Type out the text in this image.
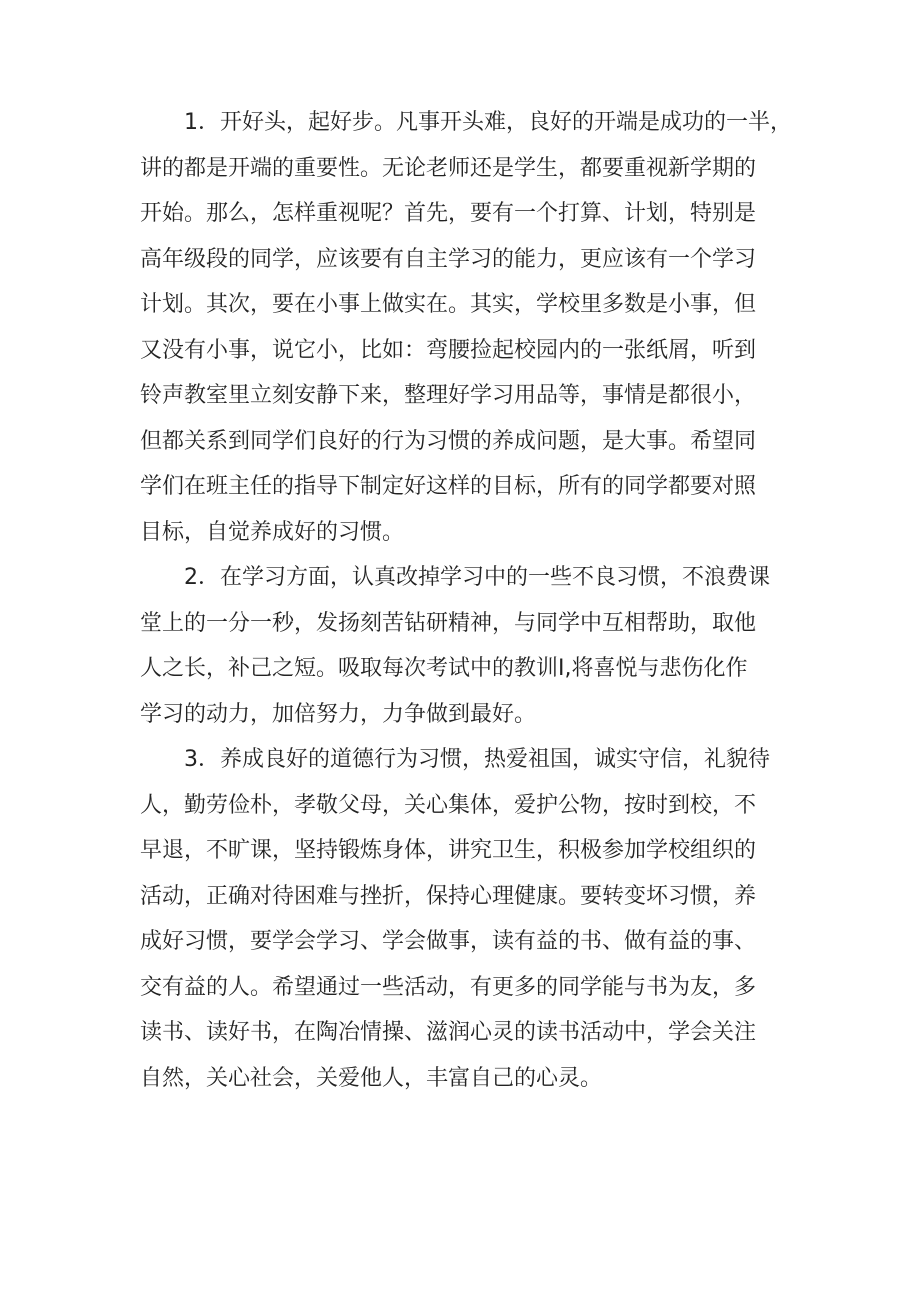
　　1．开好头，起好步。凡事开头难，良好的开端是成功的一半，
讲的都是开端的重要性。无论老师还是学生，都要重视新学期的
开始。那么，怎样重视呢？首先，要有一个打算、计划，特别是
高年级段的同学，应该要有自主学习的能力，更应该有一个学习
计划。其次，要在小事上做实在。其实，学校里多数是小事，但
又没有小事，说它小，比如：弯腰捡起校园内的一张纸屑，听到
铃声教室里立刻安静下来，整理好学习用品等，事情是都很小，
但都关系到同学们良好的行为习惯的养成问题，是大事。希望同
学们在班主任的指导下制定好这样的目标，所有的同学都要对照
目标，自觉养成好的习惯。
　　2．在学习方面，认真改掉学习中的一些不良习惯，不浪费课
堂上的一分一秒，发扬刻苦钻研精神，与同学中互相帮助，取他
人之长，补己之短。吸取每次考试中的教训I,将喜悦与悲伤化作
学习的动力，加倍努力，力争做到最好。
　　3．养成良好的道德行为习惯，热爱祖国，诚实守信，礼貌待
人，勤劳俭朴，孝敬父母，关心集体，爱护公物，按时到校，不
早退，不旷课，坚持锻炼身体，讲究卫生，积极参加学校组织的
活动，正确对待困难与挫折，保持心理健康。要转变坏习惯，养
成好习惯，要学会学习、学会做事，读有益的书、做有益的事、
交有益的人。希望通过一些活动，有更多的同学能与书为友，多
读书、读好书，在陶冶情操、滋润心灵的读书活动中，学会关注
自然，关心社会，关爱他人，丰富自己的心灵。
